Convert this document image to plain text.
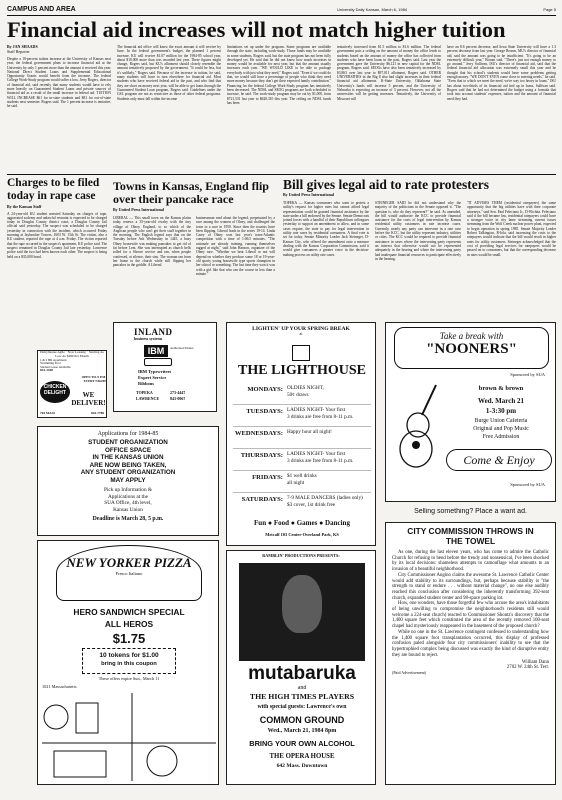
CAMPUS AND AREA	University Daily Kansan, March 6, 1984	Page 5
Financial aid increases will not match higher tuition
By JAN SHAADS
Staff Reporter
Despite a 10-percent tuition increase at the University of Kansas next year, the federal government plans to increase financial aid at the University by only 1 percent more than the amount it received this year. National Direct Student Loans and Supplemental Educational Opportunity Grants would benefit from the increase. The federal College Work-Study program would suffer a loss. Jerry Rogers, director of financial aid, said recently that many students would have to rely more heavily on Guaranteed Student Loans and private sources of financial aid as a result of the small increase in federal aid. TUITION WILL INCREASE $61 for in-state students and $81 for out-of-state students next semester. Rogers said. The 1 percent increase is tentative, he said.
The financial aid office will know the exact amount it will receive by June. In the federal government's budget, the planned 1 percent increase, KU will receive $1.07 million for the 1984-85 school year, about $10,000 more than was awarded last year. These figures might change, Rogers said, but KU's allotment should closely resemble the amount tentatively proposed by the government. "It could be less, but it's unlikely," Rogers said. Because of the increase in tuition, he said, many students will have to turn elsewhere for financial aid. Most students who have received federal aid in the past, and who find that they are short on money next year, will be able to get loans through the Guaranteed Student Loan program, Rogers said. Guidelines under the GSL program are not as restrictive as those of other federal programs. Students only must fall within the income
limitations set up under the program. Some programs are available through the state, including work-study. Those funds may be available in some students, Rogers said, but the state program has not been fully developed yet. He said that he did not know how much increases in money would be available for next year, but that the amount usually increases each year. "WE WOULD LIKE to be able to package everybody with just what they need," Rogers said. "Even if we could do that, we would still have a percentage of people who think they need more money because they don't get their expected family contribution." Financing for the federal College Work-Study program has tentatively been decreased. The NDSL and SEOG programs are both scheduled to increase, he said. The work-study program may be cut by $1,000, from $721,531 last year to $620,310 this year. The ceiling on NDSL funds has been
tentatively increased from $1.5 million to $1.6 million. The federal government puts a ceiling on the amount of money the office lends to students based on the amount of money the office has collected from students who have been loans in the past, Rogers said. Last year the government gave the University $6,121 in new capital for the NDSL program, Rogers said. SEOGs have also been tentatively increased by $3,863 over last year to $97,011 allotment, Rogers said. OTHER UNIVERSITIES in the Big 8 also had slight increases in their federal financial aid allotments. K-State University, Oklahoma State University's funds will increase 5 percent, and the University of Nebraska is expecting an increase of 3 percent. However, not all the universities will be getting increases. Tentatively, the University of Missouri will
have an 8.6 percent decrease, and Iowa State University will have a 1.3 percent decrease from last year. George Broom, MU's director of financial aid, said the amount was going to be insufficient. "It's going to be an extremely difficult year," Broom said. "There's just not enough money to go around." Jerry Sullivan, ISU's director of financial aid, said that the federal financial aid allocation was extremely small this year and he thought that his school's students would have some problems getting enough money. "WE DON'T EVEN come close to meeting needs," he said. "Even that to which we meet the need, we're way too heavy in loans." ISU has about two-thirds of its financial aid tied up in loans, Sullivan said. Rogers said that he had not determined the budget using a formula that took into account students' expenses, tuition and the amount of financial need they had.
Charges to be filed today in rape case
By the Kansan Staff
A 24-year-old KU student arrested Saturday on charges of rape, aggravated sodomy and unlawful restraint is expected to be charged today in Douglas County district court, a Douglas County Jail official said yesterday. The suspect was scheduled to be charged yesterday in connection with the incident, which occurred Friday morning at Jayhawker Towers, 1603 W. 15th St. The victim, also a KU student, reported the rape at 4 a.m. Friday. The victim reported that the rape occurred in the suspect's apartment, KU police said. The suspect remained in Douglas County Jail late yesterday. Lawrence police said the two had been known each other. The suspect is being held on a $35,000 bond.
Towns in Kansas, England flip over their pancake race
By United Press International
LIBERAL — This small town on the Kansas plains today renews a 35-year-old rivalry with the tiny village of Olney, England, to so which of the Anglican people who can't get their stuff together in the morning. The English legend says that on the Tuesday before Ash Wednesday in 1445, a busy Olney housewife was making pancakes to get rid of fat before Lent. She was interrupted as church bells tolled for a Shrove service and ran, when people confessed, at silence, their sins. The woman ran from her home to the church while still flipping her pancakes in the griddle. A Liberal
businessman read about the legend, perpetuated by a race among the women of Olney, and challenged the town to a race in 1950. Since then the tourists have been flipping. Liberal leads in the series 19-14. Linda Carey of Olney won last year's trans-Atlantic competition with a time of 1:06.5 minutes. "The rationale are already training, running themselves ragged at night," said John Hanson, organizer of the Olney race. "Whether we beat Liberal or not will depend on whether they produce some 18 or 19-year-old sporty young housewife type sports champion in her school or something. The last time they won it was with a girl like that who ran the course in less than a minute."
Bill gives legal aid to rate protesters
By United Press International
TOPEKA — Kansas consumers who want to protest a utility's request for higher rates but cannot afford legal representation could be granted financial assistance by the state under a bill endorsed by the Senate. Senate Democrats joined forces with a handful of their Republican colleagues yesterday to support an amendment to allow, and in some cases require, the state to pay for legal intervention in utility rate cases by residential consumers. A final vote is set for today. Senate Minority Leader Jack Steineger, D-Kansas City, who offered the amendment onto a measure dealing with the Kansas Corporation Commission, said it would give consumers a greater voice in the decision-making process on utility rate cases.
STEINEGER SAID he did not understand why the majority of the politicians in the Senate opposed it. "The question is, who do they represent?" he said. As amended, the bill would authorize the KCC to provide financial assistance for the costs of legal intervention by Kansas residential utility customers in rate increase cases. Currently, nearly any party can intervene in a rate case before the KCC, but the utility represent industry, utilities or cities. The KCC would be required to provide financial assistance in cases where the intervening party represents an interest that otherwise would not be represented adequately in the hearing and where the intervening party had inadequate financial resources to participate effectively in the hearing.
"IT ADVISES THEM (residential ratepayers) the same opportunity that the big utilities have with their corporate attorneys," said Sen. Paul Feleciano Jr., D-Wichita. Feleciano said if the bill became law, residential ratepayers could have a stronger voice in city lame streaming current issues stemming from the Wolf Creek nuclear power plant, expected to begin operation in spring 1985. Senate Majority Leader Robert Talkington, R-Iola, said increasing the costs to the ratepayers would indicate that the bill would result in higher rates for utility customers. Steineger acknowledged that the cost of providing legal services for ratepayers would be passed on to consumers, but that the corresponding decrease in rates would be small.
Dairymouse Agile · Now Leasing · Starting As Low As $380 Per Month
1 & 2 BR Apartment
Swimming Pool
Student Lease Available
841-1340
OPEN TIL 9 P.M. EVERY NIGHT
CHICKEN DELIGHT	WE DELIVER!
704 MASS	843-7788
INLAND
business systems
IBM	Authorized Dealer
IBM Typewriters
Expert Service
Ribbons
TOPEKA	273-4447
LAWRENCE	843-0067
LIGHTEN' UP YOUR SPRING BREAK
at
THE LIGHTHOUSE
MONDAYS: OLDIES NIGHT,
50¢ draws
TUESDAYS: LADIES NIGHT- Your first
3 drinks are free from 8-11 p.m.
WEDNESDAYS: Happy hour all night!
THURSDAYS: LADIES NIGHT- Your first
3 drinks are free from 8-11 p.m.
FRIDAYS: $1 well drinks
all night
SATURDAYS: 7-9 MALE DANCERS (ladies only)
$3 cover, 1st drink free
Fun ● Food ● Games ● Dancing
Metcalf 103 Center-Overland Park, KS
Take a break with
"NOONERS"
Sponsored by SUA
brown & brown
Wed. March 21
1-3:30 pm
Burge Union Cafeteria
Original and Pop Music
Free Admission
Come & Enjoy
Sponsored by SUA
Selling something? Place a want ad.
Applications for 1984-85
STUDENT ORGANIZATION
OFFICE SPACE
IN THE KANSAS UNION
ARE NOW BEING TAKEN,
ANY STUDENT ORGANIZATION
MAY APPLY
Pick up Information &
Applications at the
SUA Office, 4th level,
Kansas Union
Deadline is March 28, 5 p.m.
NEW YORKER PIZZA
Fresco Italiano
HERO SANDWICH SPECIAL
ALL HEROS
$1.75
10 tokens for $1.00
bring in this coupon
These offers expire Sun., March 11
1021 Massachusetts
RAMBLIN' PRODUCTIONS PRESENTS:
mutabaruka
and
THE HIGH TIMES PLAYERS
with special guests: Lawrence's own
COMMON GROUND
Wed., March 21, 1984 8pm
BRING YOUR OWN ALCOHOL
THE OPERA HOUSE
642 Mass. Downtown
CITY COMMISSION THROWS IN THE TOWEL
As one, during the last eleven years, who has come to admire the Catholic Church for refusing to bend before the trendy and nonsensical, I've been shocked by its local decisions: shameless attempts to camouflage what amounts to an invasion of a beautiful neighborhood.
City Commissioner Angino claims the awesome St. Lawrence Catholic Center would add stability to its surroundings, but, perhaps because stability is "the strength to stand or endure . . . without material change", no one else audibly reached this conclusion after considering the inherently transforming 392-seat church, expanded student center and 98-space parking lot.
How, one wonders, have those forgetful few who accuse the area's inhabitants of being unwilling to compromise the neighborhood's residents still would welcome a 224-seat church) reacted to Commissioner Shontz's discovery that the 1,400 square feet which constituted the area of the recently removed 100-seat chapel had mysteriously reappeared in the basement of the proposed church?
While no one in the St. Lawrence contingent confessed to understanding how the 1,400 square foot transplantation occurred, this display of professed confusion paled alongside four city commissioners' inability to see that the hypertrophied complex being discussed was exactly the kind of disruptive entity they are bound to reject.
William Dann
2702 W. 24th St. Terr.
(Paid Advertisement)
